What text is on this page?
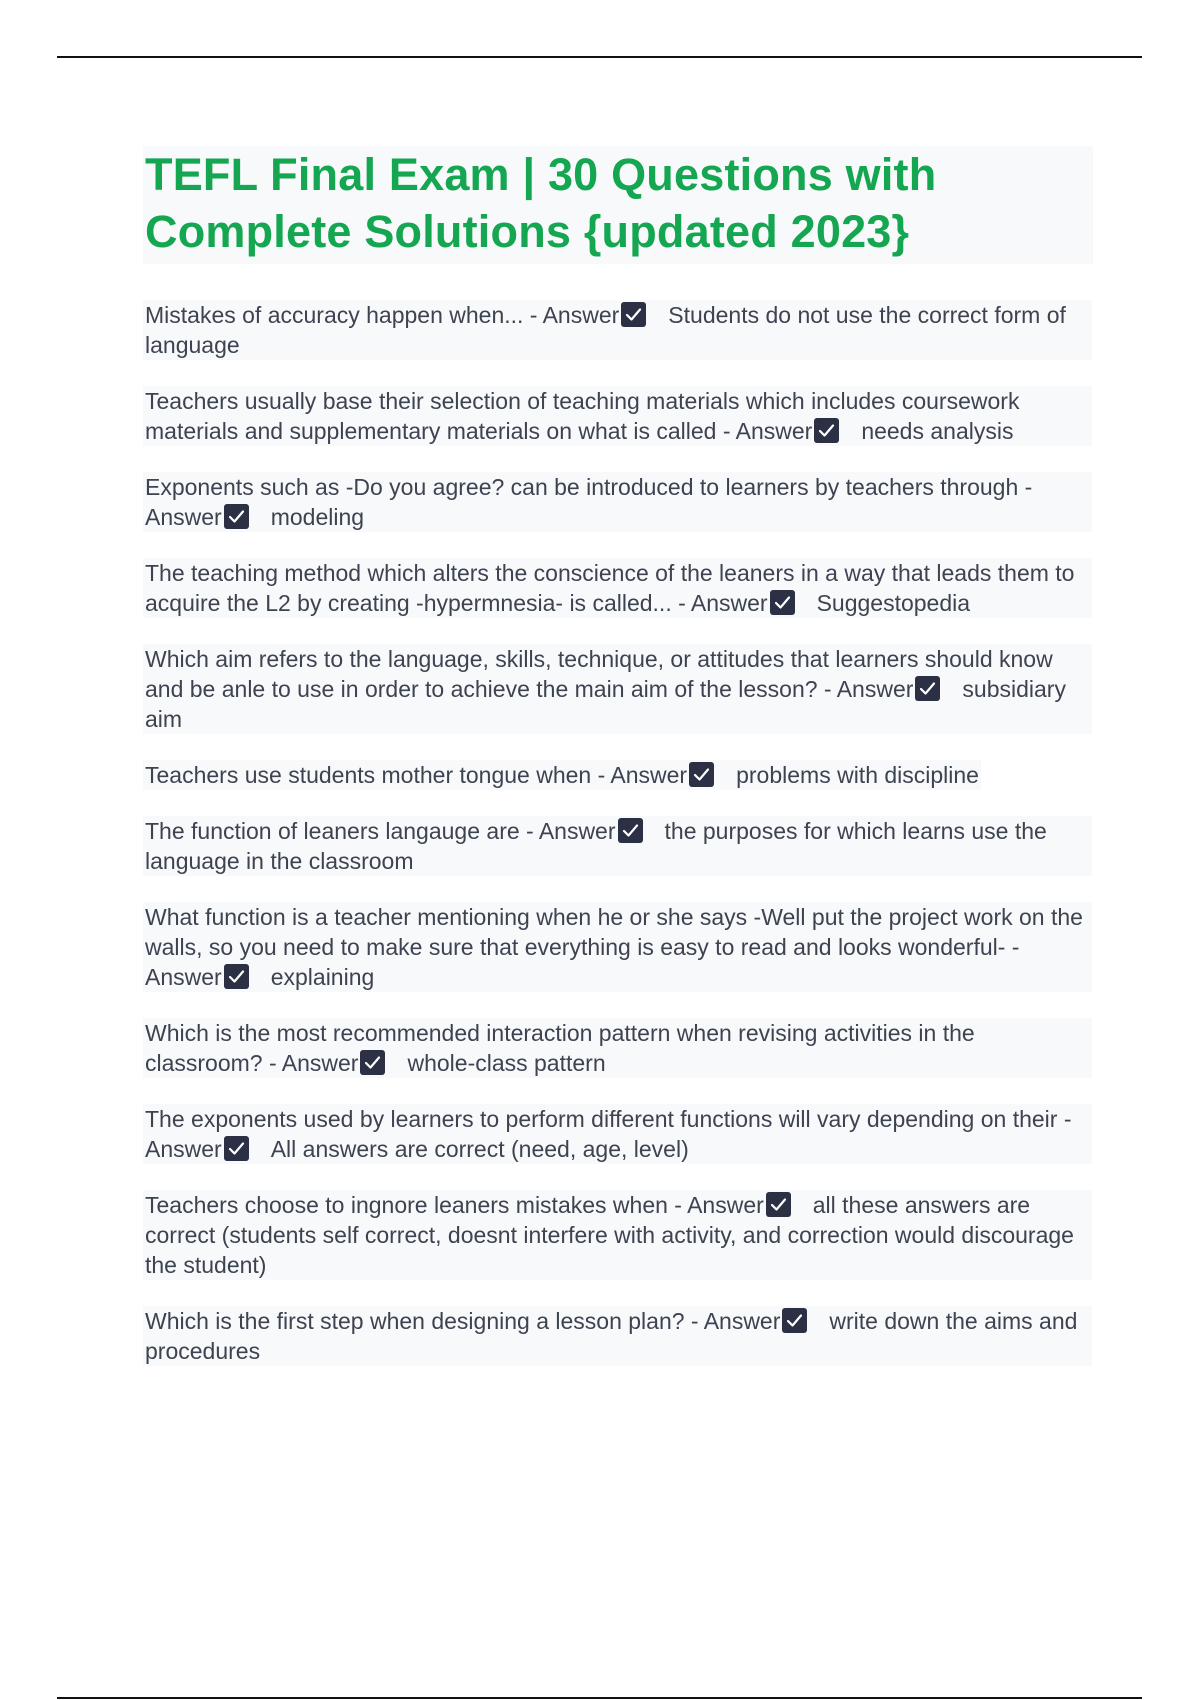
TEFL Final Exam | 30 Questions with Complete Solutions {updated 2023}
Mistakes of accuracy happen when... - Answer Students do not use the correct form of language
Teachers usually base their selection of teaching materials which includes coursework materials and supplementary materials on what is called - Answer needs analysis
Exponents such as -Do you agree? can be introduced to learners by teachers through - Answer modeling
The teaching method which alters the conscience of the leaners in a way that leads them to acquire the L2 by creating -hypermnesia- is called... - Answer Suggestopedia
Which aim refers to the language, skills, technique, or attitudes that learners should know and be anle to use in order to achieve the main aim of the lesson? - Answer subsidiary aim
Teachers use students mother tongue when - Answer problems with discipline
The function of leaners langauge are - Answer the purposes for which learns use the language in the classroom
What function is a teacher mentioning when he or she says -Well put the project work on the walls, so you need to make sure that everything is easy to read and looks wonderful- - Answer explaining
Which is the most recommended interaction pattern when revising activities in the classroom? - Answer whole-class pattern
The exponents used by learners to perform different functions will vary depending on their - Answer All answers are correct (need, age, level)
Teachers choose to ingnore leaners mistakes when - Answer all these answers are correct (students self correct, doesnt interfere with activity, and correction would discourage the student)
Which is the first step when designing a lesson plan? - Answer write down the aims and procedures
